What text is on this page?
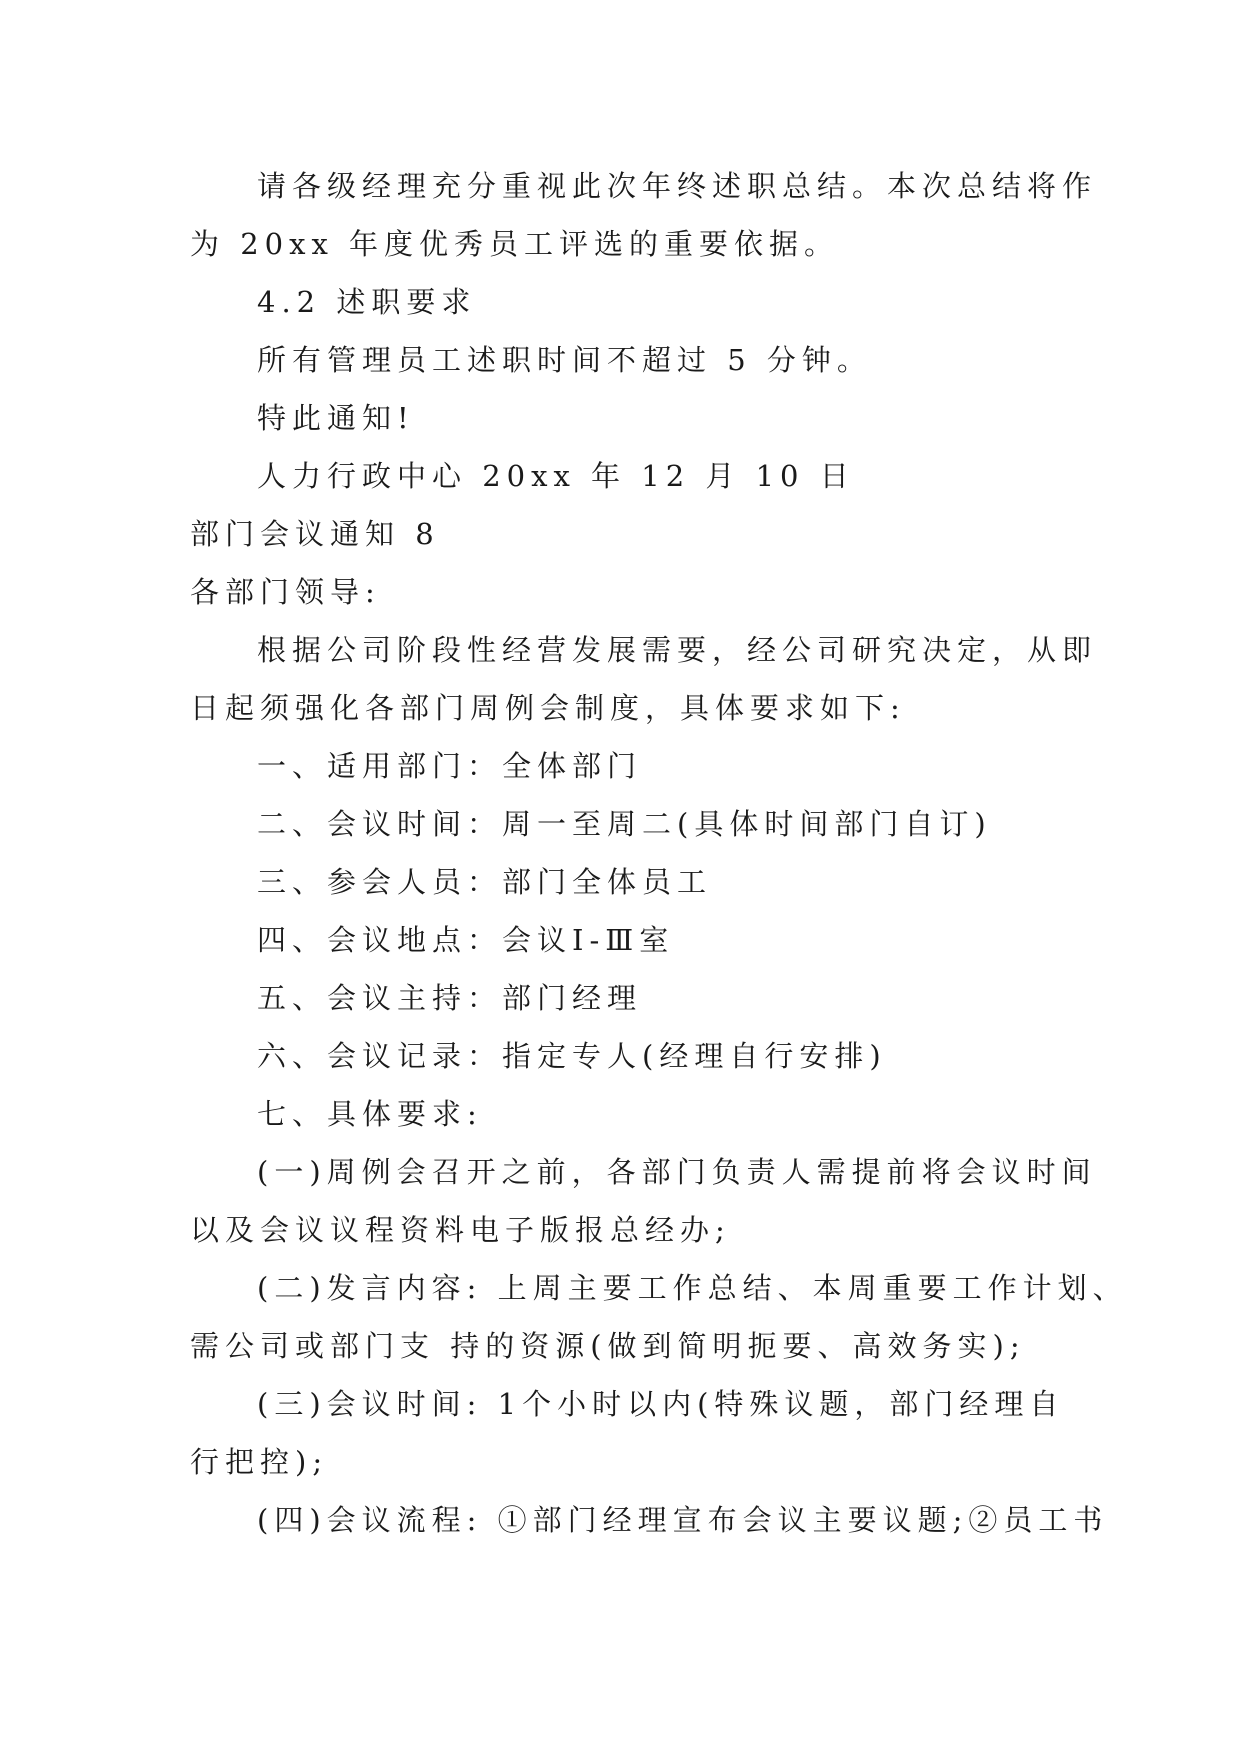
请各级经理充分重视此次年终述职总结。本次总结将作
为 20xx 年度优秀员工评选的重要依据。
4.2 述职要求
所有管理员工述职时间不超过 5 分钟。
特此通知!
人力行政中心 20xx 年 12 月 10 日
部门会议通知 8
各部门领导:
根据公司阶段性经营发展需要，经公司研究决定，从即
日起须强化各部门周例会制度，具体要求如下:
一、适用部门：全体部门
二、会议时间：周一至周二(具体时间部门自订)
三、参会人员：部门全体员工
四、会议地点：会议Ⅰ-Ⅲ室
五、会议主持：部门经理
六、会议记录：指定专人(经理自行安排)
七、具体要求:
(一)周例会召开之前，各部门负责人需提前将会议时间
以及会议议程资料电子版报总经办;
(二)发言内容: 上周主要工作总结、本周重要工作计划、
需公司或部门支 持的资源(做到简明扼要、高效务实);
(三)会议时间: 1个小时以内(特殊议题，部门经理自
行把控);
(四)会议流程: ①部门经理宣布会议主要议题;②员工书
